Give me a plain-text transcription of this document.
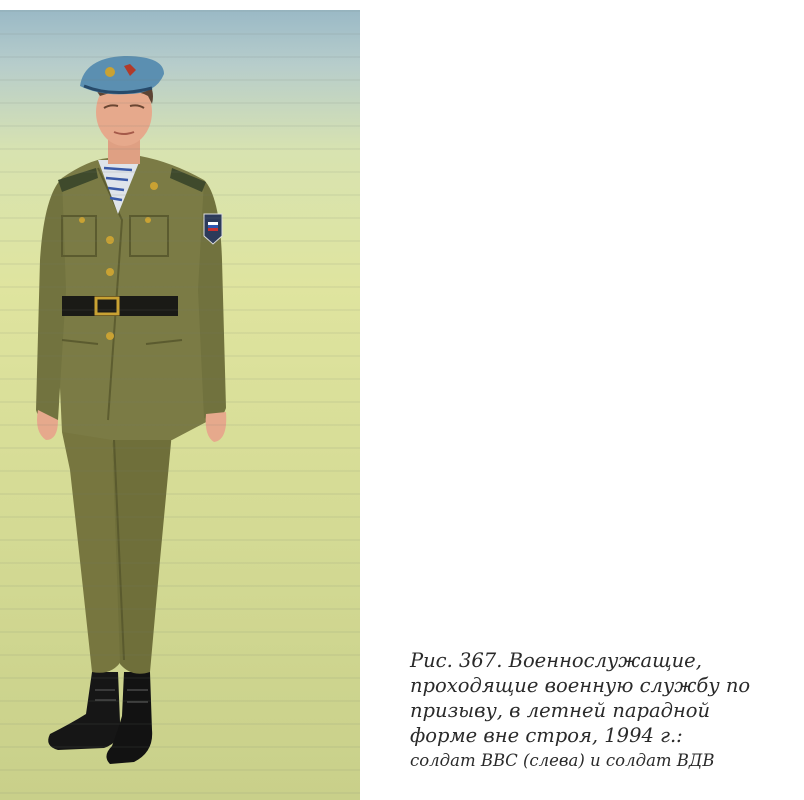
Рис. 367. Военнослужащие,
проходящие военную службу по
призыву, в летней парадной
форме вне строя, 1994 г.:
солдат ВВС (слева) и солдат ВДВ
